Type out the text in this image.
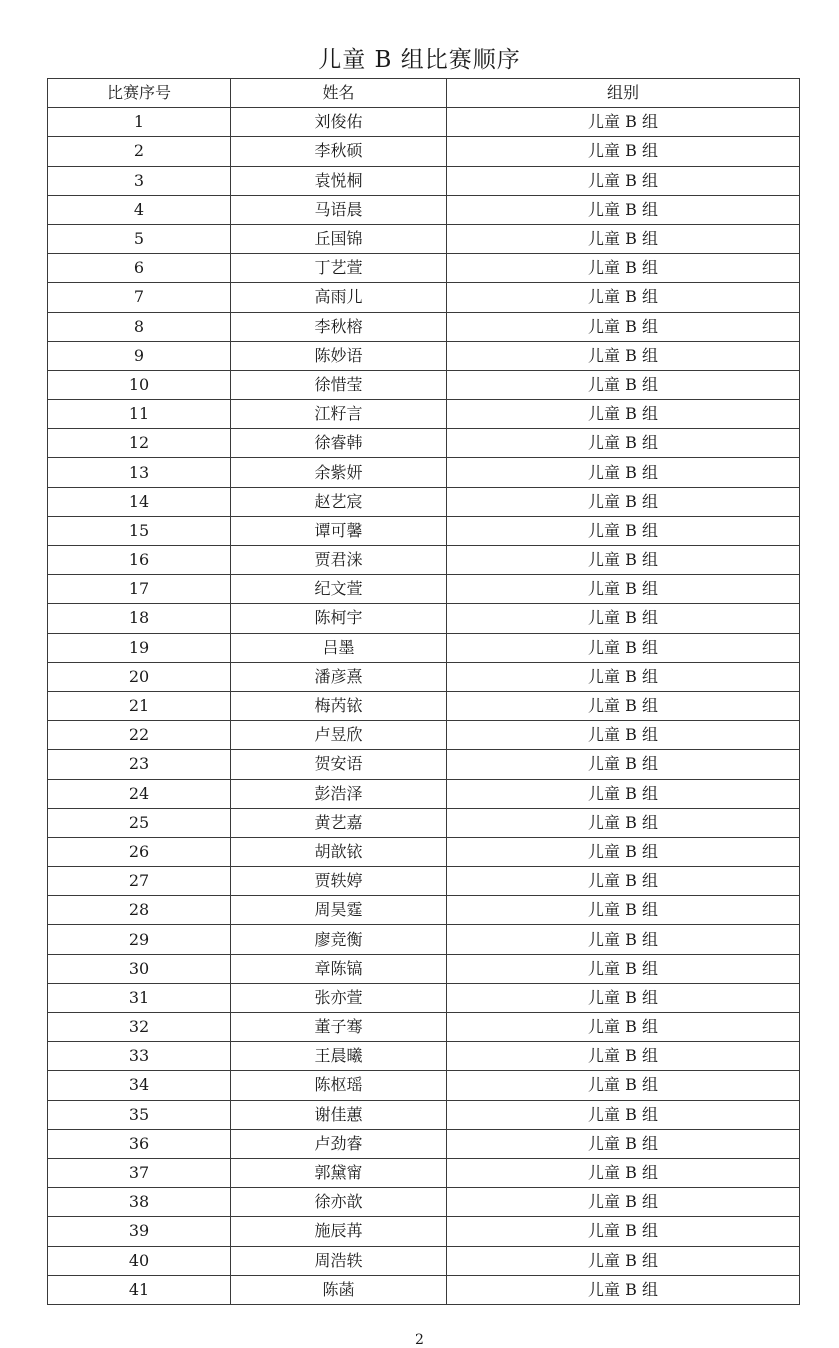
儿童 B 组比赛顺序
比赛序号	姓名	组别
1	刘俊佑	儿童 B 组
2	李秋硕	儿童 B 组
3	袁悦桐	儿童 B 组
4	马语晨	儿童 B 组
5	丘国锦	儿童 B 组
6	丁艺萱	儿童 B 组
7	高雨儿	儿童 B 组
8	李秋榕	儿童 B 组
9	陈妙语	儿童 B 组
10	徐惜莹	儿童 B 组
11	江籽言	儿童 B 组
12	徐睿韩	儿童 B 组
13	余紫妍	儿童 B 组
14	赵艺宸	儿童 B 组
15	谭可馨	儿童 B 组
16	贾君涞	儿童 B 组
17	纪文萱	儿童 B 组
18	陈柯宇	儿童 B 组
19	吕墨	儿童 B 组
20	潘彦熹	儿童 B 组
21	梅芮铱	儿童 B 组
22	卢昱欣	儿童 B 组
23	贺安语	儿童 B 组
24	彭浩泽	儿童 B 组
25	黄艺嘉	儿童 B 组
26	胡歆铱	儿童 B 组
27	贾轶婷	儿童 B 组
28	周昊霆	儿童 B 组
29	廖竞衡	儿童 B 组
30	章陈镐	儿童 B 组
31	张亦萱	儿童 B 组
32	董子骞	儿童 B 组
33	王晨曦	儿童 B 组
34	陈枢瑶	儿童 B 组
35	谢佳蕙	儿童 B 组
36	卢劲睿	儿童 B 组
37	郭黛甯	儿童 B 组
38	徐亦歆	儿童 B 组
39	施辰苒	儿童 B 组
40	周浩轶	儿童 B 组
41	陈菡	儿童 B 组
2
